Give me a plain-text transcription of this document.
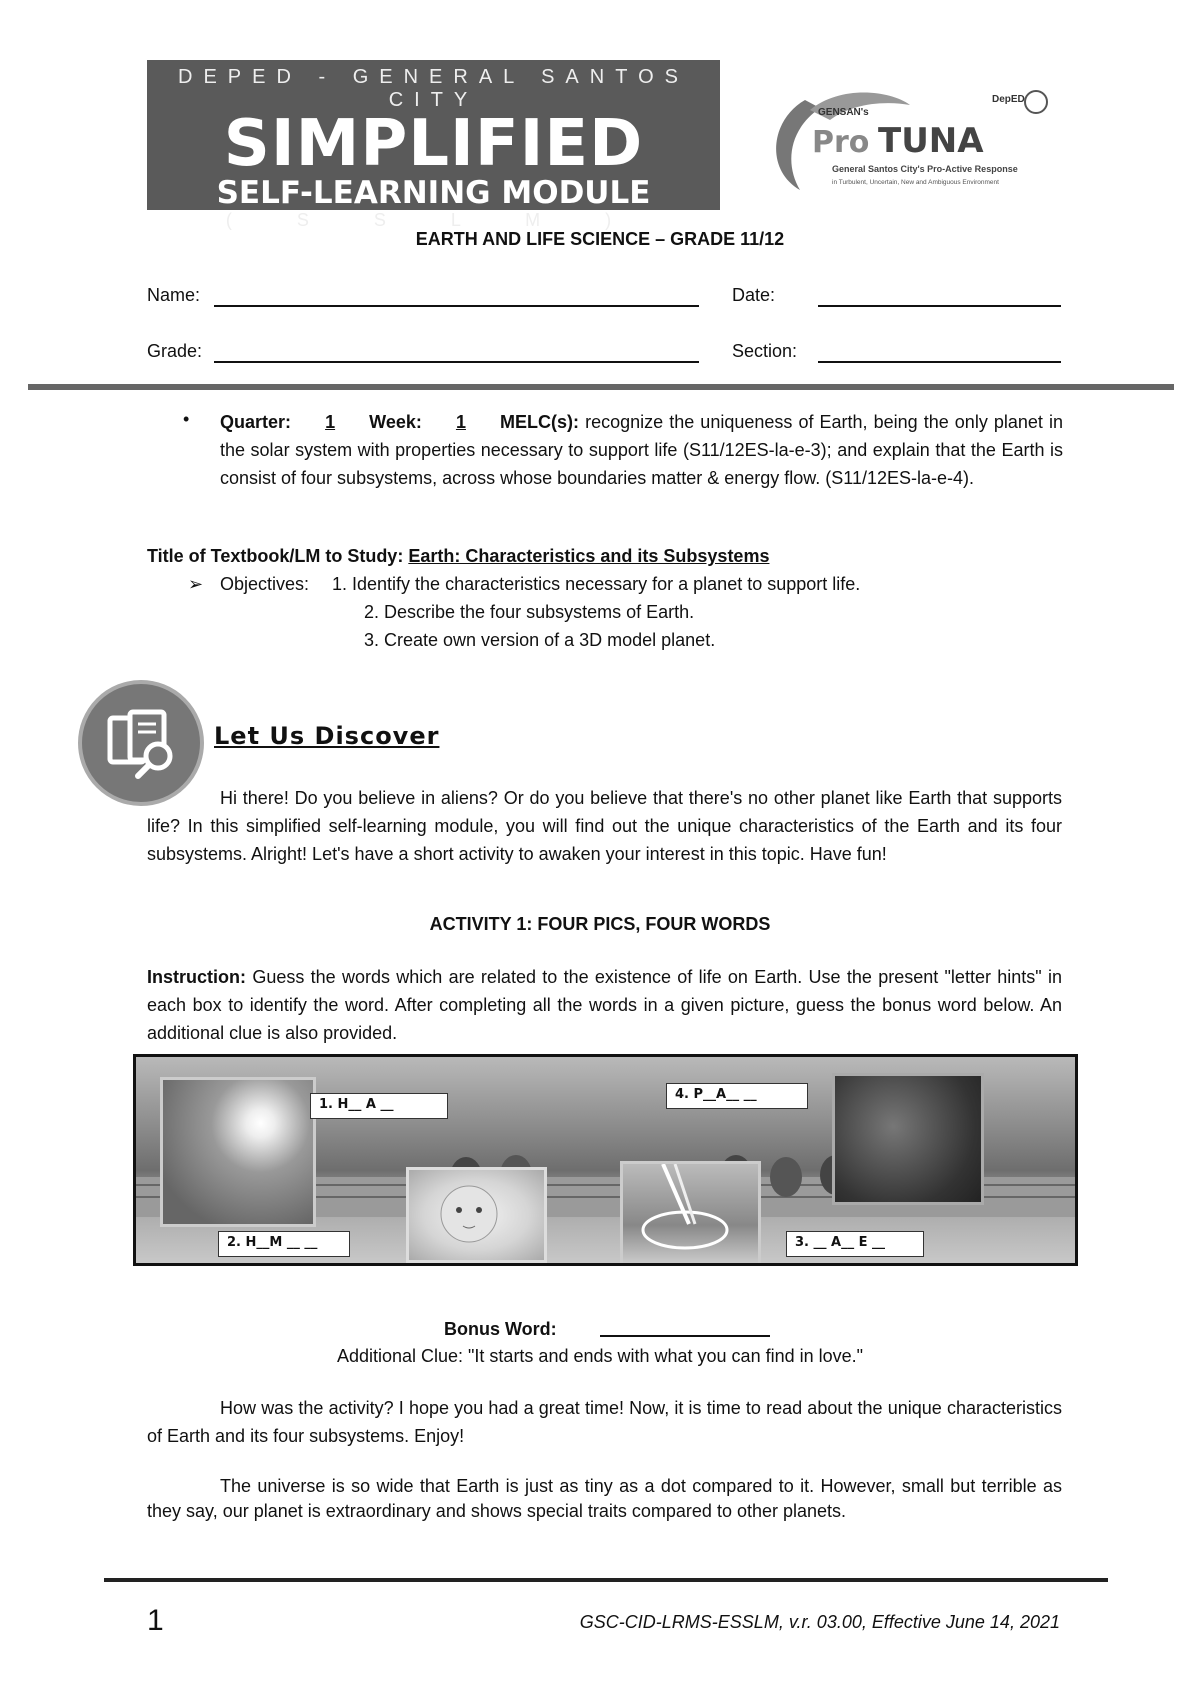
DEPED - GENERAL SANTOS CITY
SIMPLIFIED
SELF-LEARNING MODULE
( S S L M )
GENSAN's
Pro TUNA
DepED
General Santos City's Pro-Active Response
in Turbulent, Uncertain, New and Ambiguous Environment
EARTH AND LIFE SCIENCE – GRADE 11/12
Name:	Date:
Grade:	Section:
• Quarter: 1 Week: 1 MELC(s): recognize the uniqueness of Earth, being the only planet in the solar system with properties necessary to support life (S11/12ES-la-e-3); and explain that the Earth is consist of four subsystems, across whose boundaries matter & energy flow. (S11/12ES-la-e-4).

Title of Textbook/LM to Study: Earth: Characteristics and its Subsystems
➢ Objectives: 1. Identify the characteristics necessary for a planet to support life.
2. Describe the four subsystems of Earth.
3. Create own version of a 3D model planet.
Let Us Discover

Hi there! Do you believe in aliens? Or do you believe that there's no other planet like Earth that supports life? In this simplified self-learning module, you will find out the unique characteristics of the Earth and its four subsystems. Alright! Let's have a short activity to awaken your interest in this topic. Have fun!

ACTIVITY 1: FOUR PICS, FOUR WORDS

Instruction: Guess the words which are related to the existence of life on Earth. Use the present "letter hints" in each box to identify the word. After completing all the words in a given picture, guess the bonus word below. An additional clue is also provided.

1. H__ A __
2. H__M __ __	3. __ A__ E __
4. P__A__ __
Bonus Word:
Additional Clue: "It starts and ends with what you can find in love."

How was the activity? I hope you had a great time! Now, it is time to read about the unique characteristics of Earth and its four subsystems. Enjoy!

The universe is so wide that Earth is just as tiny as a dot compared to it. However, small but terrible as they say, our planet is extraordinary and shows special traits compared to other planets.

1	GSC-CID-LRMS-ESSLM, v.r. 03.00, Effective June 14, 2021
